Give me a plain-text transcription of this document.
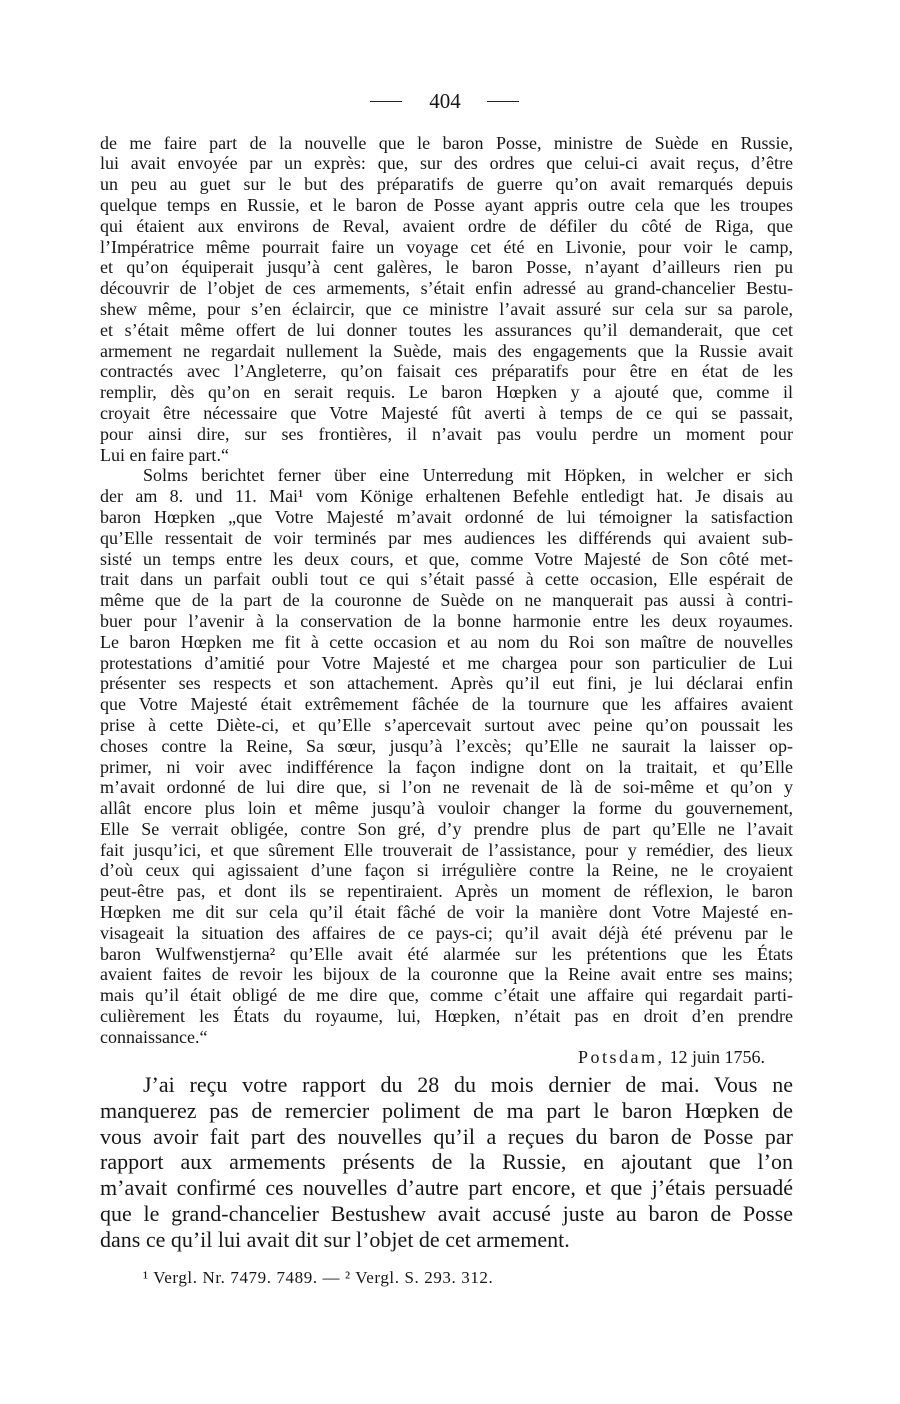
404
de me faire part de la nouvelle que le baron Posse, ministre de Suède en Russie,
lui avait envoyée par un exprès: que, sur des ordres que celui-ci avait reçus, d’être
un peu au guet sur le but des préparatifs de guerre qu’on avait remarqués depuis
quelque temps en Russie, et le baron de Posse ayant appris outre cela que les troupes
qui étaient aux environs de Reval, avaient ordre de défiler du côté de Riga, que
l’Impératrice même pourrait faire un voyage cet été en Livonie, pour voir le camp,
et qu’on équiperait jusqu’à cent galères, le baron Posse, n’ayant d’ailleurs rien pu
découvrir de l’objet de ces armements, s’était enfin adressé au grand-chancelier Bestu-
shew même, pour s’en éclaircir, que ce ministre l’avait assuré sur cela sur sa parole,
et s’était même offert de lui donner toutes les assurances qu’il demanderait, que cet
armement ne regardait nullement la Suède, mais des engagements que la Russie avait
contractés avec l’Angleterre, qu’on faisait ces préparatifs pour être en état de les
remplir, dès qu’on en serait requis. Le baron Hœpken y a ajouté que, comme il
croyait être nécessaire que Votre Majesté fût averti à temps de ce qui se passait,
pour ainsi dire, sur ses frontières, il n’avait pas voulu perdre un moment pour
Lui en faire part.“
Solms berichtet ferner über eine Unterredung mit Höpken, in welcher er sich
der am 8. und 11. Mai¹ vom Könige erhaltenen Befehle entledigt hat. Je disais au
baron Hœpken „que Votre Majesté m’avait ordonné de lui témoigner la satisfaction
qu’Elle ressentait de voir terminés par mes audiences les différends qui avaient sub-
sisté un temps entre les deux cours, et que, comme Votre Majesté de Son côté met-
trait dans un parfait oubli tout ce qui s’était passé à cette occasion, Elle espérait de
même que de la part de la couronne de Suède on ne manquerait pas aussi à contri-
buer pour l’avenir à la conservation de la bonne harmonie entre les deux royaumes.
Le baron Hœpken me fit à cette occasion et au nom du Roi son maître de nouvelles
protestations d’amitié pour Votre Majesté et me chargea pour son particulier de Lui
présenter ses respects et son attachement. Après qu’il eut fini, je lui déclarai enfin
que Votre Majesté était extrêmement fâchée de la tournure que les affaires avaient
prise à cette Diète-ci, et qu’Elle s’apercevait surtout avec peine qu’on poussait les
choses contre la Reine, Sa sœur, jusqu’à l’excès; qu’Elle ne saurait la laisser op-
primer, ni voir avec indifférence la façon indigne dont on la traitait, et qu’Elle
m’avait ordonné de lui dire que, si l’on ne revenait de là de soi-même et qu’on y
allât encore plus loin et même jusqu’à vouloir changer la forme du gouvernement,
Elle Se verrait obligée, contre Son gré, d’y prendre plus de part qu’Elle ne l’avait
fait jusqu’ici, et que sûrement Elle trouverait de l’assistance, pour y remédier, des lieux
d’où ceux qui agissaient d’une façon si irrégulière contre la Reine, ne le croyaient
peut-être pas, et dont ils se repentiraient. Après un moment de réflexion, le baron
Hœpken me dit sur cela qu’il était fâché de voir la manière dont Votre Majesté en-
visageait la situation des affaires de ce pays-ci; qu’il avait déjà été prévenu par le
baron Wulfwenstjerna² qu’Elle avait été alarmée sur les prétentions que les États
avaient faites de revoir les bijoux de la couronne que la Reine avait entre ses mains;
mais qu’il était obligé de me dire que, comme c’était une affaire qui regardait parti-
culièrement les États du royaume, lui, Hœpken, n’était pas en droit d’en prendre
connaissance.“
Potsdam, 12 juin 1756.
J’ai reçu votre rapport du 28 du mois dernier de mai. Vous ne
manquerez pas de remercier poliment de ma part le baron Hœpken de
vous avoir fait part des nouvelles qu’il a reçues du baron de Posse par
rapport aux armements présents de la Russie, en ajoutant que l’on
m’avait confirmé ces nouvelles d’autre part encore, et que j’étais persuadé
que le grand-chancelier Bestushew avait accusé juste au baron de Posse
dans ce qu’il lui avait dit sur l’objet de cet armement.
¹ Vergl. Nr. 7479. 7489. — ² Vergl. S. 293. 312.
